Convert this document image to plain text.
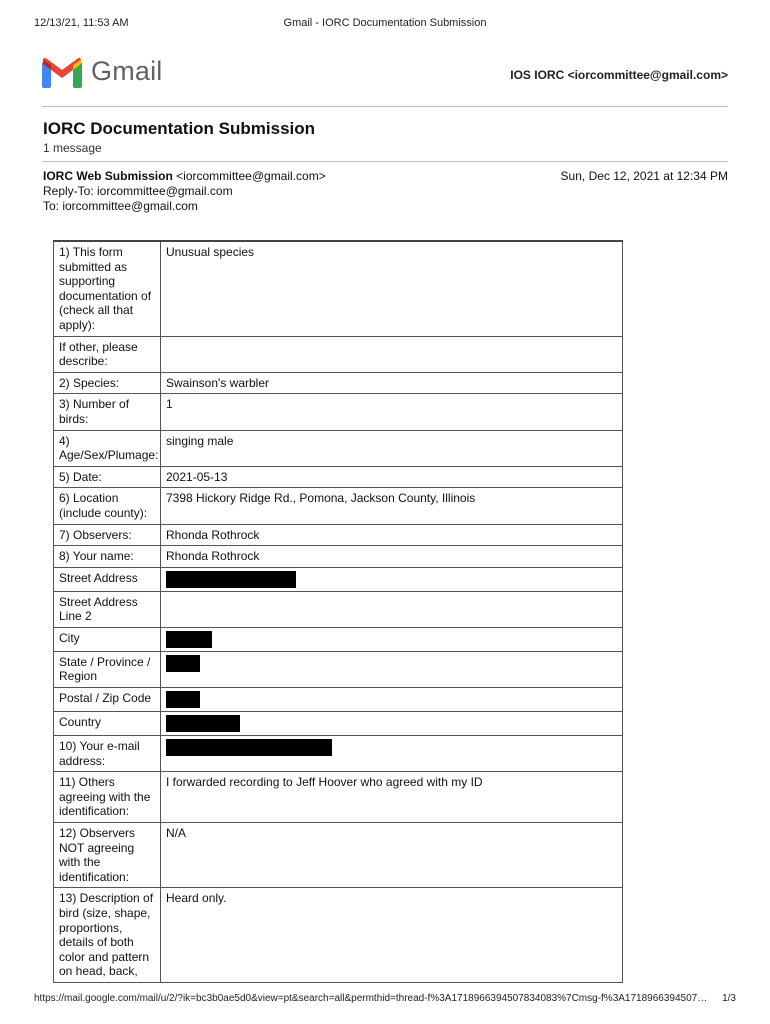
12/13/21, 11:53 AM	Gmail - IORC Documentation Submission
Gmail	IOS IORC <iorcommittee@gmail.com>
IORC Documentation Submission
1 message
IORC Web Submission <iorcommittee@gmail.com>
Reply-To: iorcommittee@gmail.com
To: iorcommittee@gmail.com
Sun, Dec 12, 2021 at 12:34 PM
1) This form submitted as supporting documentation of (check all that apply):	Unusual species
If other, please describe:	
2) Species:	Swainson's warbler
3) Number of birds:	1
4) Age/Sex/Plumage:	singing male
5) Date:	2021-05-13
6) Location (include county):	7398 Hickory Ridge Rd., Pomona, Jackson County, Illinois
7) Observers:	Rhonda Rothrock
8) Your name:	Rhonda Rothrock
Street Address	
Street Address Line 2	
City	
State / Province / Region	
Postal / Zip Code	
Country	
10) Your e-mail address:	
11) Others agreeing with the identification:	I forwarded recording to Jeff Hoover who agreed with my ID
12) Observers NOT agreeing with the identification:	N/A
13) Description of bird (size, shape, proportions, details of both color and pattern on head, back,	Heard only.
https://mail.google.com/mail/u/2/?ik=bc3b0ae5d0&view=pt&search=all&permthid=thread-f%3A1718966394507834083%7Cmsg-f%3A1718966394507…	1/3
